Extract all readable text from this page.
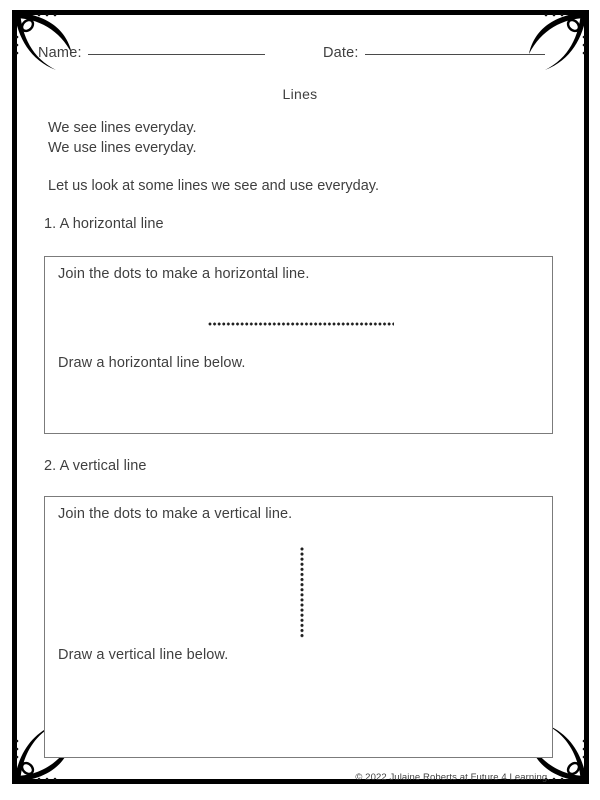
Name:	Date:
Lines
We see lines everyday.
We use lines everyday.
Let us look at some lines we see and use everyday.
1. A horizontal line
Join the dots to make a horizontal line.
Draw a horizontal line below.
2. A vertical line
Join the dots to make a vertical line.
Draw a vertical line below.
© 2022 Julaine Roberts at Future 4 Learning.
